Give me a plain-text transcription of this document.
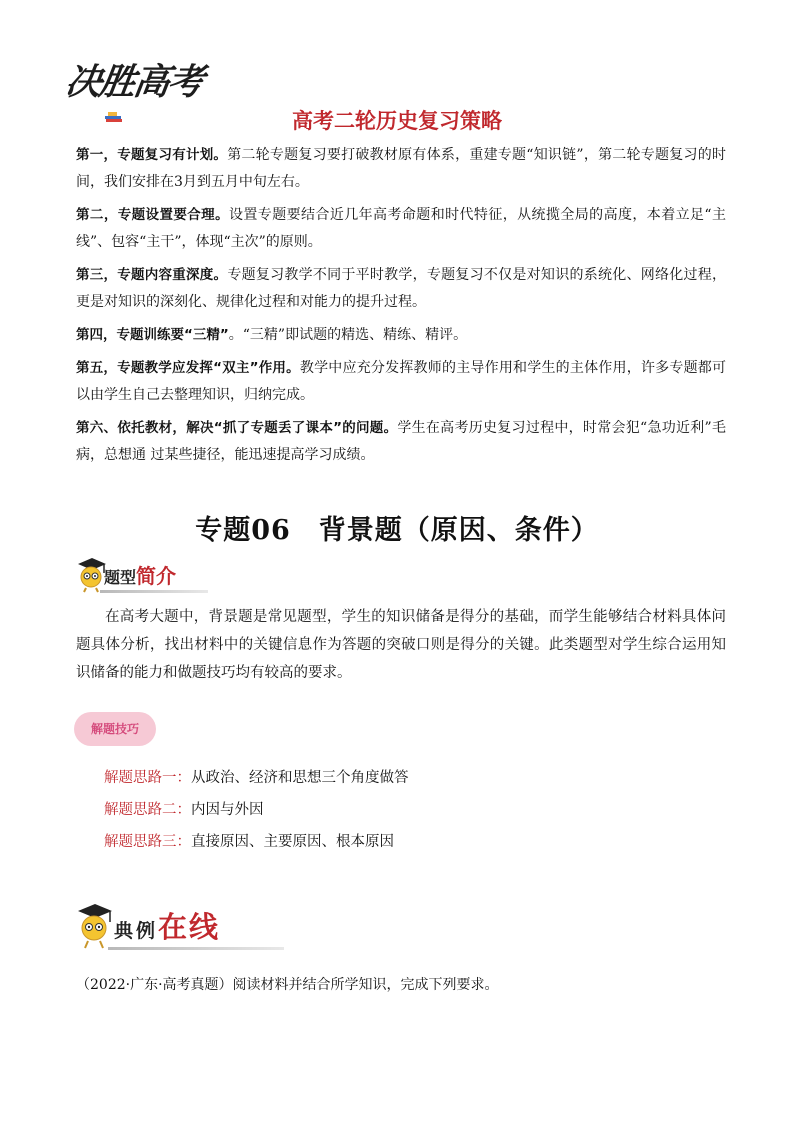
决胜高考
高考二轮历史复习策略

第一，专题复习有计划。第二轮专题复习要打破教材原有体系，重建专题“知识链”，第二轮专题复习的时间，我们安排在3月到五月中旬左右。

第二，专题设置要合理。设置专题要结合近几年高考命题和时代特征，从统揽全局的高度，本着立足“主线”、包容“主干”，体现“主次”的原则。

第三，专题内容重深度。专题复习教学不同于平时教学，专题复习不仅是对知识的系统化、网络化过程，更是对知识的深刻化、规律化过程和对能力的提升过程。

第四，专题训练要“三精”。“三精”即试题的精选、精练、精评。

第五，专题教学应发挥“双主”作用。教学中应充分发挥教师的主导作用和学生的主体作用，许多专题都可以由学生自己去整理知识，归纳完成。

第六、依托教材，解决“抓了专题丢了课本”的问题。学生在高考历史复习过程中，时常会犯“急功近利”毛病，总想通 过某些捷径，能迅速提高学习成绩。

专题06 背景题（原因、条件）
题型简介

在高考大题中，背景题是常见题型，学生的知识储备是得分的基础，而学生能够结合材料具体问题具体分析，找出材料中的关键信息作为答题的突破口则是得分的关键。此类题型对学生综合运用知识储备的能力和做题技巧均有较高的要求。

解题技巧
解题思路一：从政治、经济和思想三个角度做答
解题思路二：内因与外因
解题思路三：直接原因、主要原因、根本原因
典例在线
（2022·广东·高考真题）阅读材料并结合所学知识，完成下列要求。
